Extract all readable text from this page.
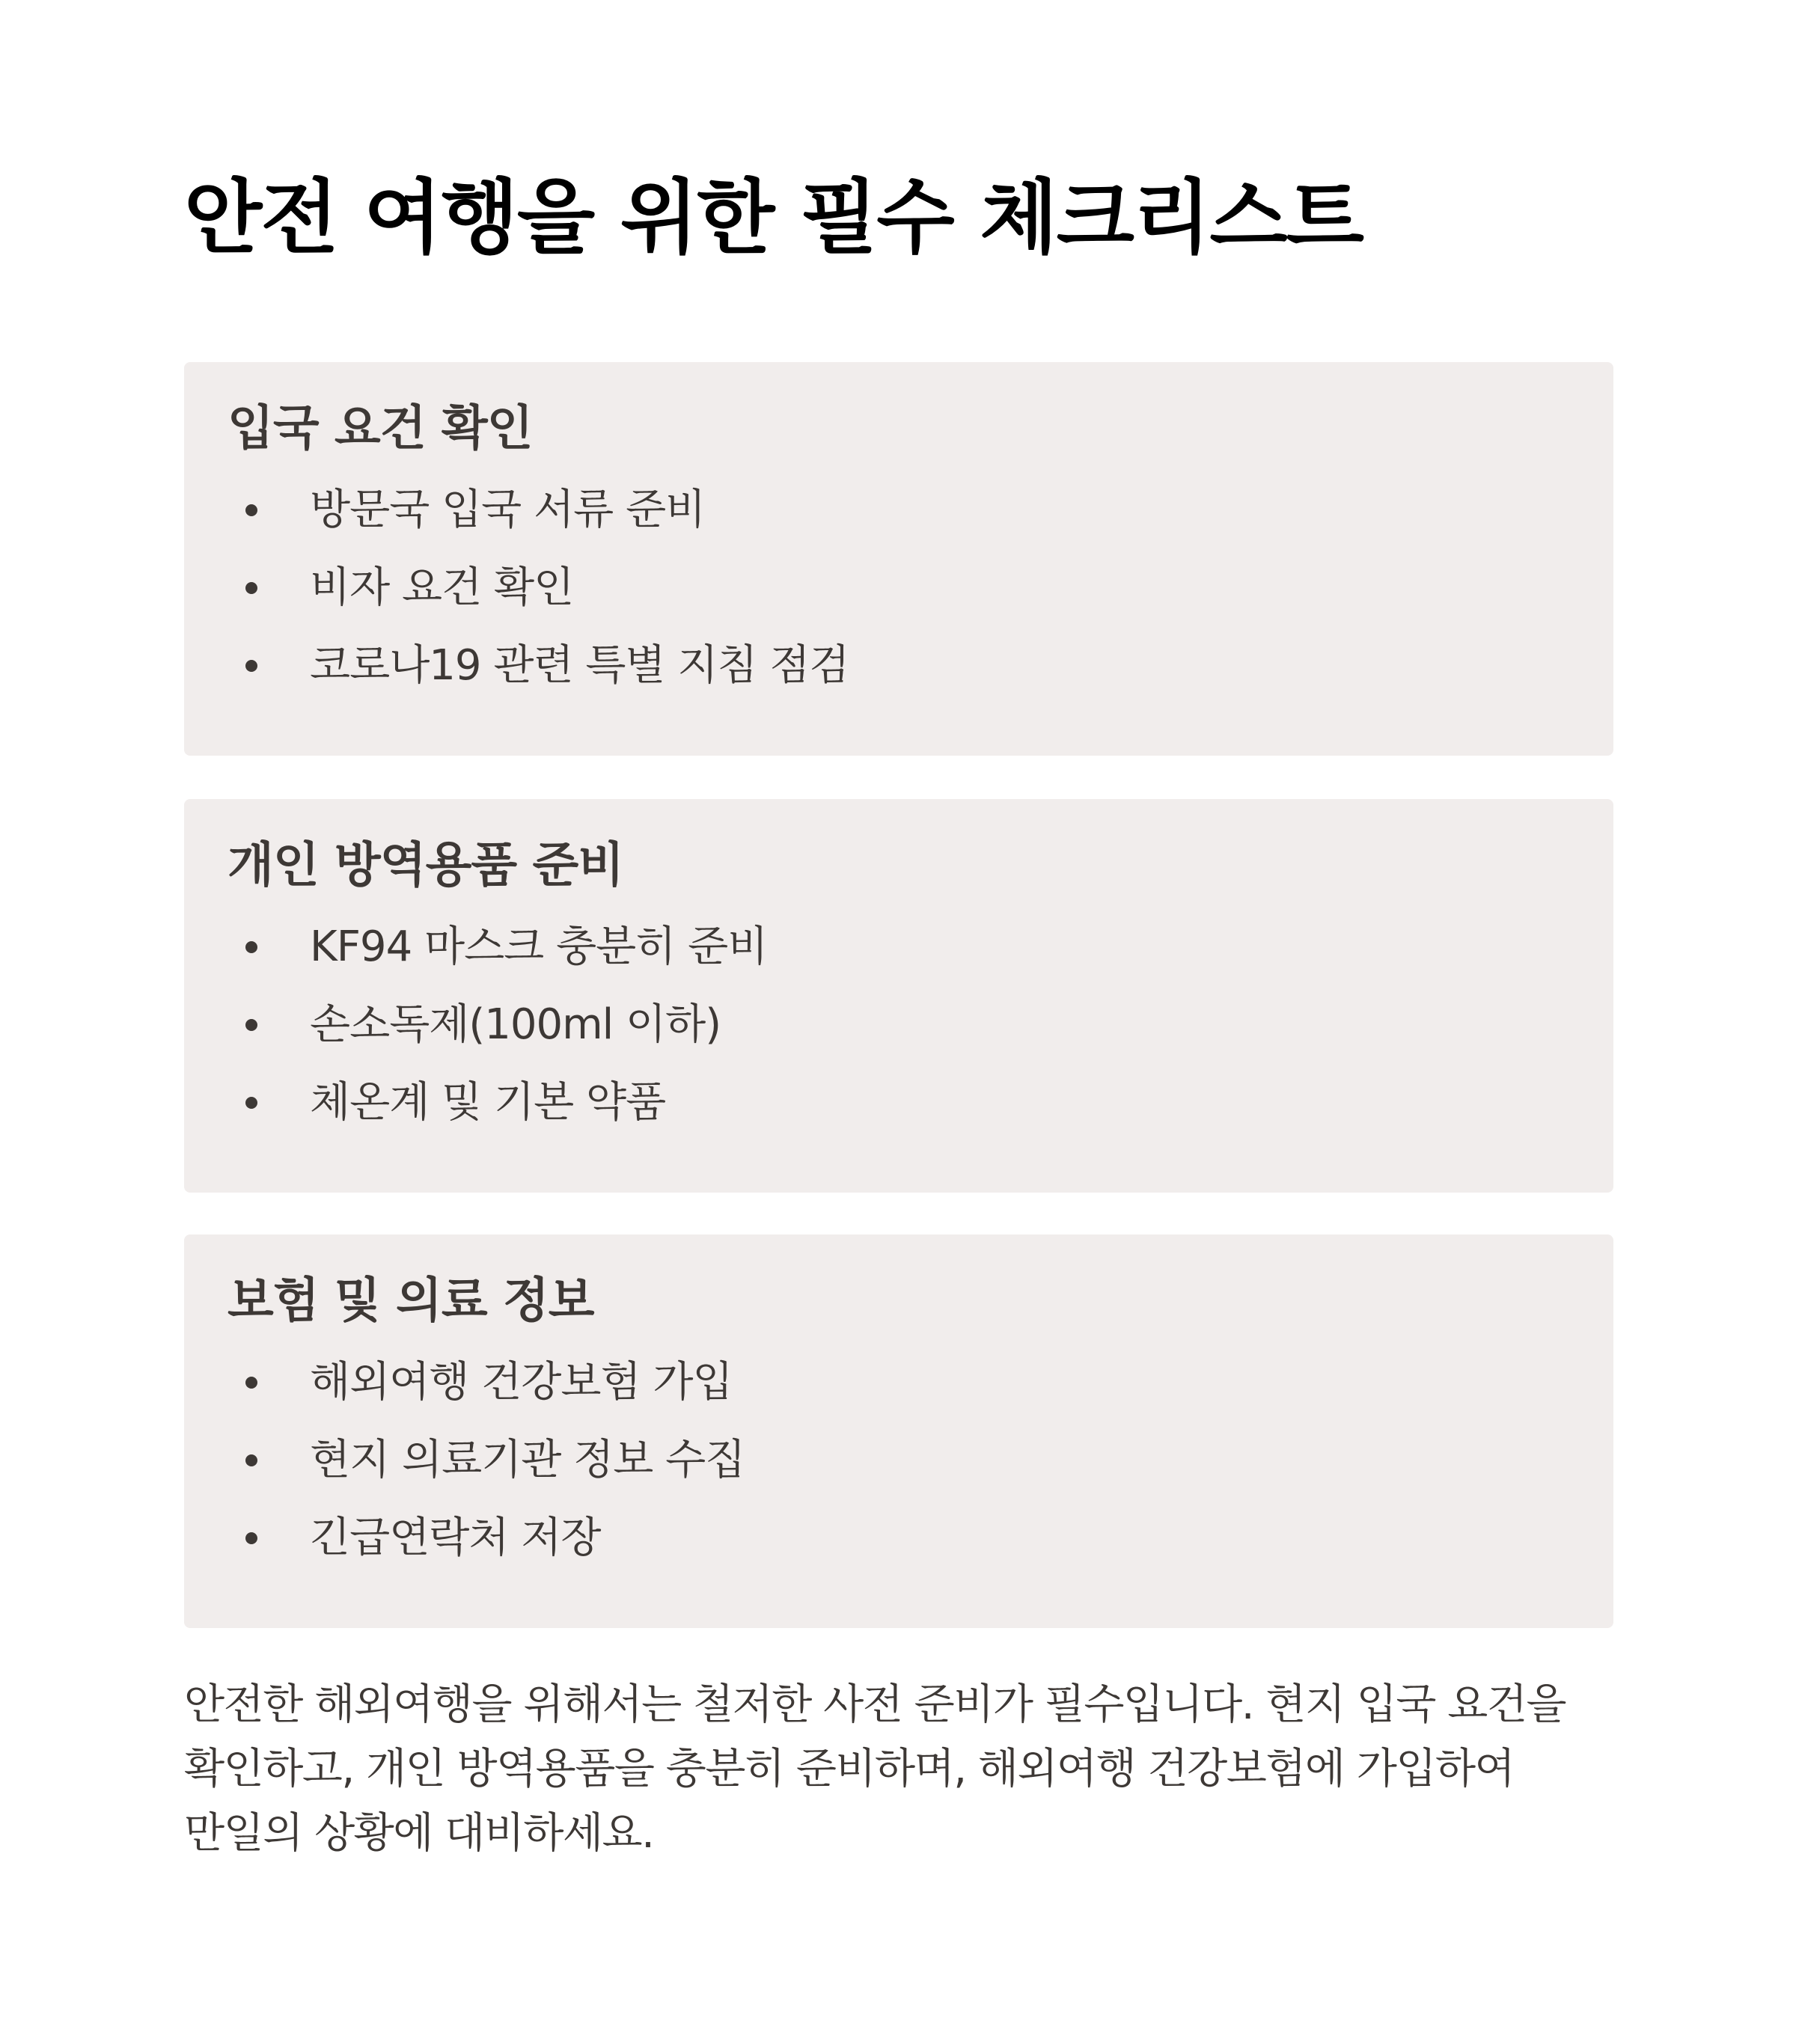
안전 여행을 위한 필수 체크리스트
입국 요건 확인
방문국 입국 서류 준비
비자 요건 확인
코로나19 관련 특별 지침 점검
개인 방역용품 준비
KF94 마스크 충분히 준비
손소독제(100ml 이하)
체온계 및 기본 약품
보험 및 의료 정보
해외여행 건강보험 가입
현지 의료기관 정보 수집
긴급연락처 저장

안전한 해외여행을 위해서는 철저한 사전 준비가 필수입니다. 현지 입국 요건을 확인하고, 개인 방역용품을 충분히 준비하며, 해외여행 건강보험에 가입하여 만일의 상황에 대비하세요.
